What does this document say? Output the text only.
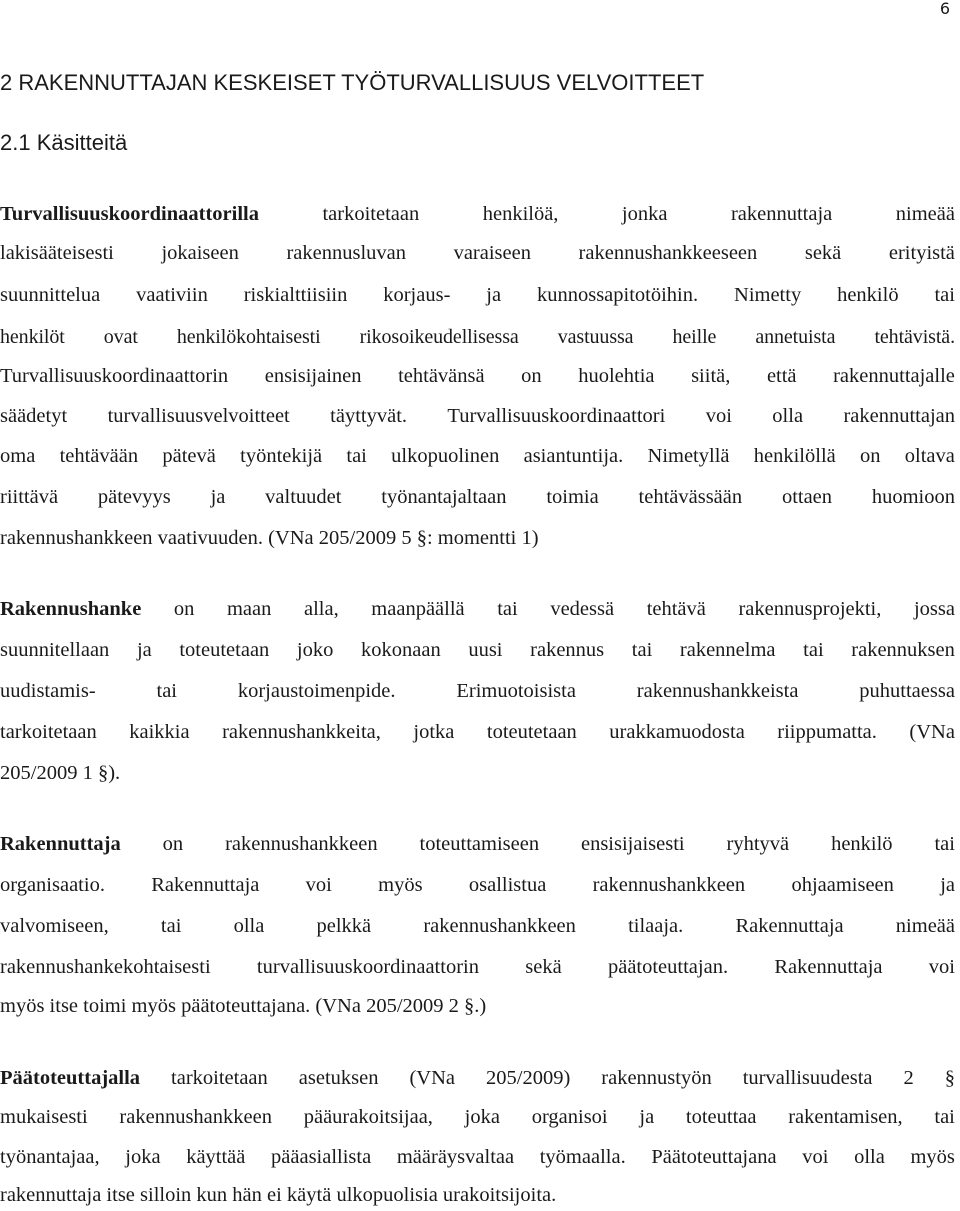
6
2 RAKENNUTTAJAN KESKEISET TYÖTURVALLISUUS VELVOITTEET
2.1 Käsitteitä
Turvallisuuskoordinaattorilla	tarkoitetaan	henkilöä,	jonka	rakennuttaja	nimeää
lakisääteisesti jokaiseen rakennusluvan varaiseen rakennushankkeeseen sekä erityistä
suunnittelua vaativiin riskialttiisiin korjaus- ja kunnossapitotöihin. Nimetty henkilö tai
henkilöt ovat henkilökohtaisesti rikosoikeudellisessa vastuussa heille annetuista tehtävistä.
Turvallisuuskoordinaattorin ensisijainen tehtävänsä on huolehtia siitä, että rakennuttajalle
säädetyt turvallisuusvelvoitteet täyttyvät. Turvallisuuskoordinaattori voi olla rakennuttajan
oma tehtävään pätevä työntekijä tai ulkopuolinen asiantuntija. Nimetyllä henkilöllä on oltava
riittävä pätevyys ja valtuudet työnantajaltaan toimia tehtävässään ottaen huomioon
rakennushankkeen vaativuuden. (VNa 205/2009 5 §: momentti 1)
Rakennushanke on maan alla, maanpäällä tai vedessä tehtävä rakennusprojekti, jossa
suunnitellaan ja toteutetaan joko kokonaan uusi rakennus tai rakennelma tai rakennuksen
uudistamis-	tai	korjaustoimenpide.	Erimuotoisista	rakennushankkeista	puhuttaessa
tarkoitetaan kaikkia rakennushankkeita, jotka toteutetaan urakkamuodosta riippumatta. (VNa
205/2009 1 §).
Rakennuttaja on rakennushankkeen toteuttamiseen ensisijaisesti ryhtyvä henkilö tai
organisaatio. Rakennuttaja voi myös osallistua rakennushankkeen ohjaamiseen ja
valvomiseen,	tai	olla	pelkkä	rakennushankkeen	tilaaja.	Rakennuttaja	nimeää
rakennushankekohtaisesti turvallisuuskoordinaattorin sekä päätoteuttajan. Rakennuttaja voi
myös itse toimi myös päätoteuttajana. (VNa 205/2009 2 §.)
Päätoteuttajalla tarkoitetaan asetuksen (VNa 205/2009) rakennustyön turvallisuudesta 2 §
mukaisesti rakennushankkeen pääurakoitsijaa, joka organisoi ja toteuttaa rakentamisen, tai
työnantajaa, joka käyttää pääasiallista määräysvaltaa työmaalla. Päätoteuttajana voi olla myös
rakennuttaja itse silloin kun hän ei käytä ulkopuolisia urakoitsijoita.
